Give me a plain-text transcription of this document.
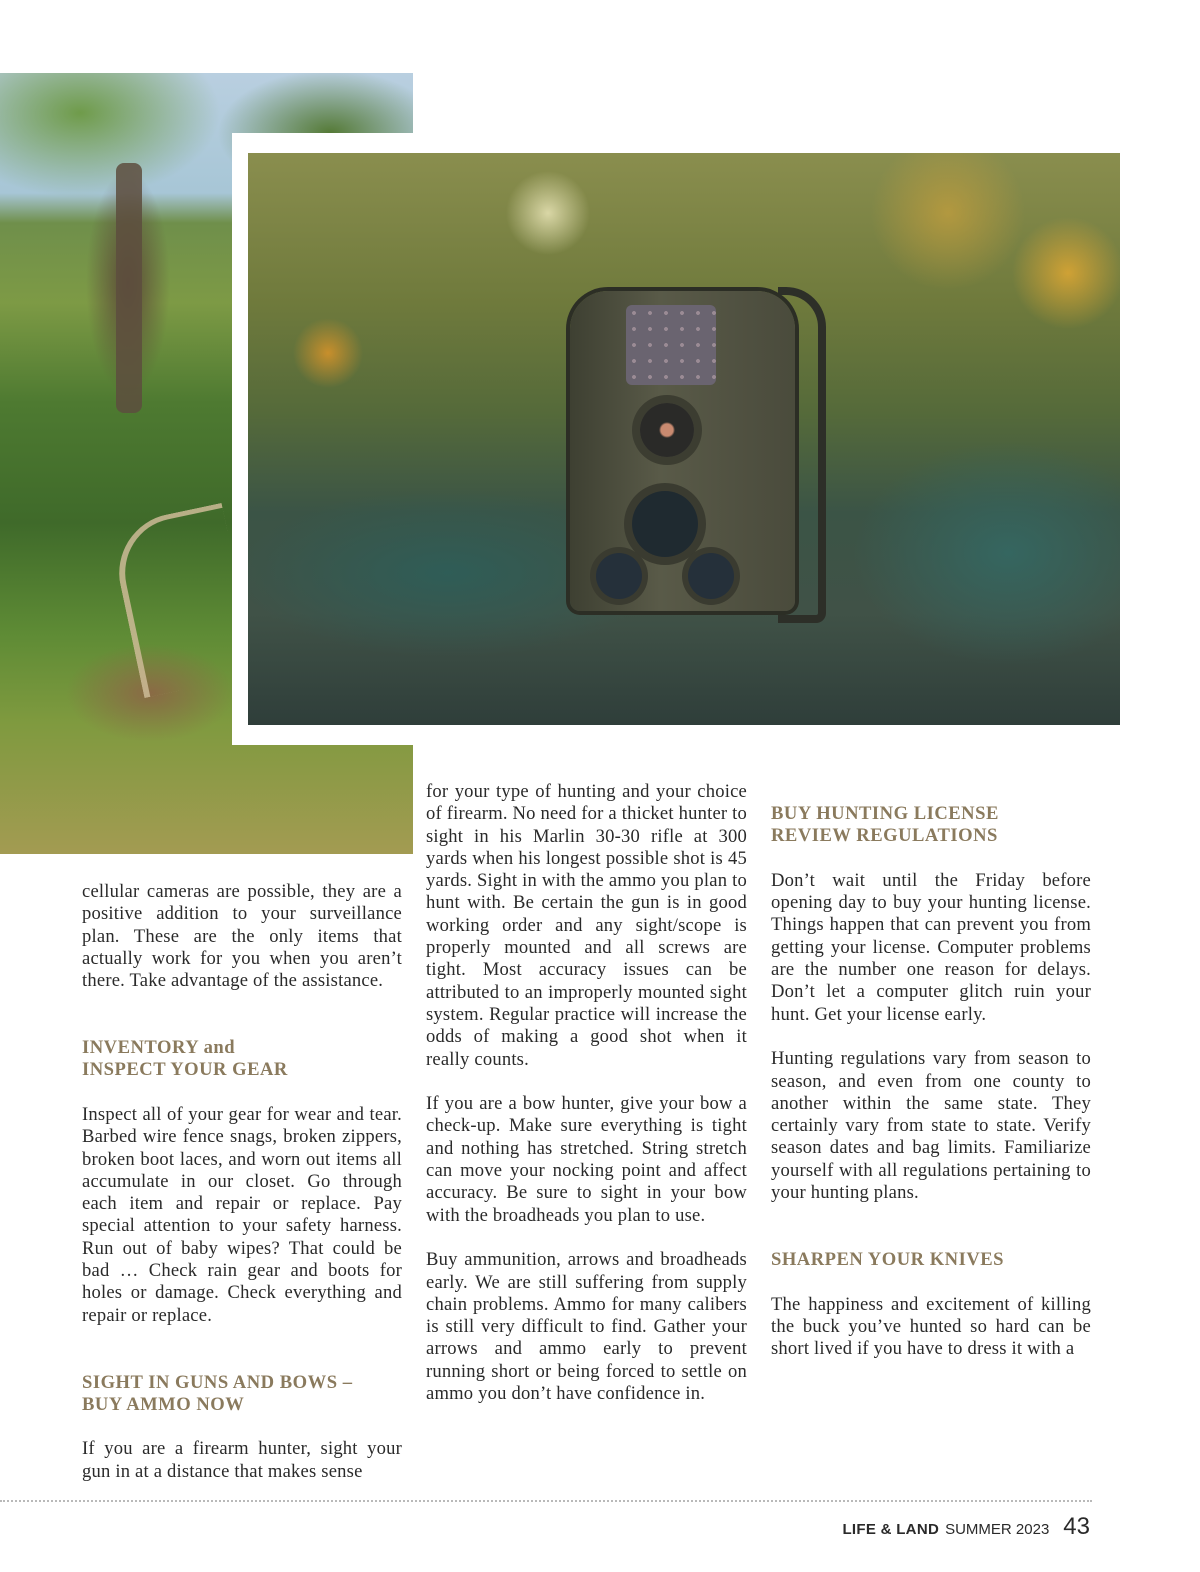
cellular cameras are possible, they are a positive addition to your surveillance plan. These are the only items that actually work for you when you aren’t there. Take advantage of the assistance.

INVENTORY and
INSPECT YOUR GEAR

Inspect all of your gear for wear and tear. Barbed wire fence snags, broken zippers, broken boot laces, and worn out items all accumulate in our closet. Go through each item and repair or replace. Pay special attention to your safety harness. Run out of baby wipes? That could be bad … Check rain gear and boots for holes or damage. Check everything and repair or replace.

SIGHT IN GUNS AND BOWS –
BUY AMMO NOW

If you are a firearm hunter, sight your gun in at a distance that makes sense

for your type of hunting and your choice of firearm. No need for a thicket hunter to sight in his Marlin 30-30 rifle at 300 yards when his longest possible shot is 45 yards. Sight in with the ammo you plan to hunt with. Be certain the gun is in good working order and any sight/scope is properly mounted and all screws are tight. Most accuracy issues can be attributed to an improperly mounted sight system. Regular practice will increase the odds of making a good shot when it really counts.

If you are a bow hunter, give your bow a check-up. Make sure everything is tight and nothing has stretched. String stretch can move your nocking point and affect accuracy. Be sure to sight in your bow with the broadheads you plan to use.

Buy ammunition, arrows and broadheads early. We are still suffering from supply chain problems. Ammo for many calibers is still very difficult to find. Gather your arrows and ammo early to prevent running short or being forced to settle on ammo you don’t have confidence in.

BUY HUNTING LICENSE
REVIEW REGULATIONS

Don’t wait until the Friday before opening day to buy your hunting license. Things happen that can prevent you from getting your license. Computer problems are the number one reason for delays. Don’t let a computer glitch ruin your hunt. Get your license early.

Hunting regulations vary from season to season, and even from one county to another within the same state. They certainly vary from state to state. Verify season dates and bag limits. Familiarize yourself with all regulations pertaining to your hunting plans.

SHARPEN YOUR KNIVES

The happiness and excitement of killing the buck you’ve hunted so hard can be short lived if you have to dress it with a

LIFE & LAND SUMMER 2023 43
